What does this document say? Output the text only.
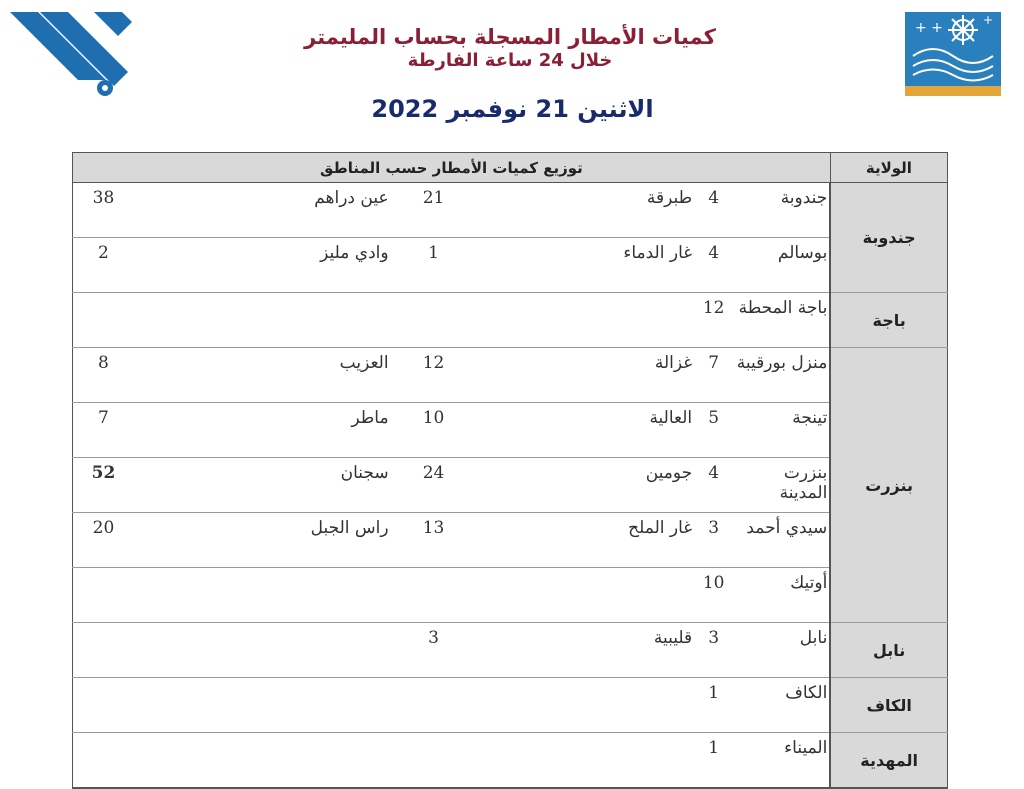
+ +	+
كميات الأمطار المسجلة بحساب المليمتر
خلال 24 ساعة الفارطة
الاثنين 21 نوفمبر 2022
الولاية	توزيع كميات الأمطار حسب المناطق					
جندوبة	جندوبة	4	طبرقة	21	عين دراهم	38
	بوسالم	4	غار الدماء	1	وادي مليز	2
باجة	باجة المحطة	12				
بنزرت	منزل بورقيبة	7	غزالة	12	العزيب	8
	تينجة	5	العالية	10	ماطر	7
	بنزرت المدينة	4	جومين	24	سجنان	52
	سيدي أحمد	3	غار الملح	13	راس الجبل	20
	أوتيك	10				
نابل	نابل	3	قليبية	3		
الكاف	الكاف	1				
المهدية	الميناء	1				
